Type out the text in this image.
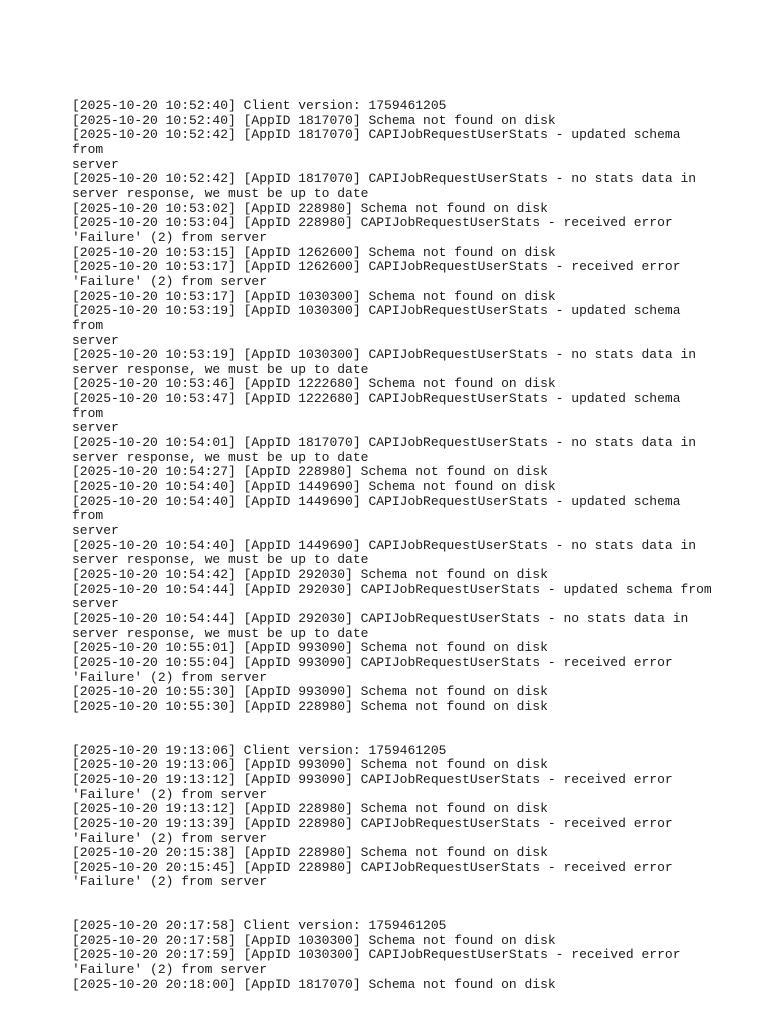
[2025-10-20 10:52:40] Client version: 1759461205
[2025-10-20 10:52:40] [AppID 1817070] Schema not found on disk
[2025-10-20 10:52:42] [AppID 1817070] CAPIJobRequestUserStats - updated schema from
server
[2025-10-20 10:52:42] [AppID 1817070] CAPIJobRequestUserStats - no stats data in
server response, we must be up to date
[2025-10-20 10:53:02] [AppID 228980] Schema not found on disk
[2025-10-20 10:53:04] [AppID 228980] CAPIJobRequestUserStats - received error
'Failure' (2) from server
[2025-10-20 10:53:15] [AppID 1262600] Schema not found on disk
[2025-10-20 10:53:17] [AppID 1262600] CAPIJobRequestUserStats - received error
'Failure' (2) from server
[2025-10-20 10:53:17] [AppID 1030300] Schema not found on disk
[2025-10-20 10:53:19] [AppID 1030300] CAPIJobRequestUserStats - updated schema from
server
[2025-10-20 10:53:19] [AppID 1030300] CAPIJobRequestUserStats - no stats data in
server response, we must be up to date
[2025-10-20 10:53:46] [AppID 1222680] Schema not found on disk
[2025-10-20 10:53:47] [AppID 1222680] CAPIJobRequestUserStats - updated schema from
server
[2025-10-20 10:54:01] [AppID 1817070] CAPIJobRequestUserStats - no stats data in
server response, we must be up to date
[2025-10-20 10:54:27] [AppID 228980] Schema not found on disk
[2025-10-20 10:54:40] [AppID 1449690] Schema not found on disk
[2025-10-20 10:54:40] [AppID 1449690] CAPIJobRequestUserStats - updated schema from
server
[2025-10-20 10:54:40] [AppID 1449690] CAPIJobRequestUserStats - no stats data in
server response, we must be up to date
[2025-10-20 10:54:42] [AppID 292030] Schema not found on disk
[2025-10-20 10:54:44] [AppID 292030] CAPIJobRequestUserStats - updated schema from
server
[2025-10-20 10:54:44] [AppID 292030] CAPIJobRequestUserStats - no stats data in
server response, we must be up to date
[2025-10-20 10:55:01] [AppID 993090] Schema not found on disk
[2025-10-20 10:55:04] [AppID 993090] CAPIJobRequestUserStats - received error
'Failure' (2) from server
[2025-10-20 10:55:30] [AppID 993090] Schema not found on disk
[2025-10-20 10:55:30] [AppID 228980] Schema not found on disk
[2025-10-20 19:13:06] Client version: 1759461205
[2025-10-20 19:13:06] [AppID 993090] Schema not found on disk
[2025-10-20 19:13:12] [AppID 993090] CAPIJobRequestUserStats - received error
'Failure' (2) from server
[2025-10-20 19:13:12] [AppID 228980] Schema not found on disk
[2025-10-20 19:13:39] [AppID 228980] CAPIJobRequestUserStats - received error
'Failure' (2) from server
[2025-10-20 20:15:38] [AppID 228980] Schema not found on disk
[2025-10-20 20:15:45] [AppID 228980] CAPIJobRequestUserStats - received error
'Failure' (2) from server
[2025-10-20 20:17:58] Client version: 1759461205
[2025-10-20 20:17:58] [AppID 1030300] Schema not found on disk
[2025-10-20 20:17:59] [AppID 1030300] CAPIJobRequestUserStats - received error
'Failure' (2) from server
[2025-10-20 20:18:00] [AppID 1817070] Schema not found on disk
